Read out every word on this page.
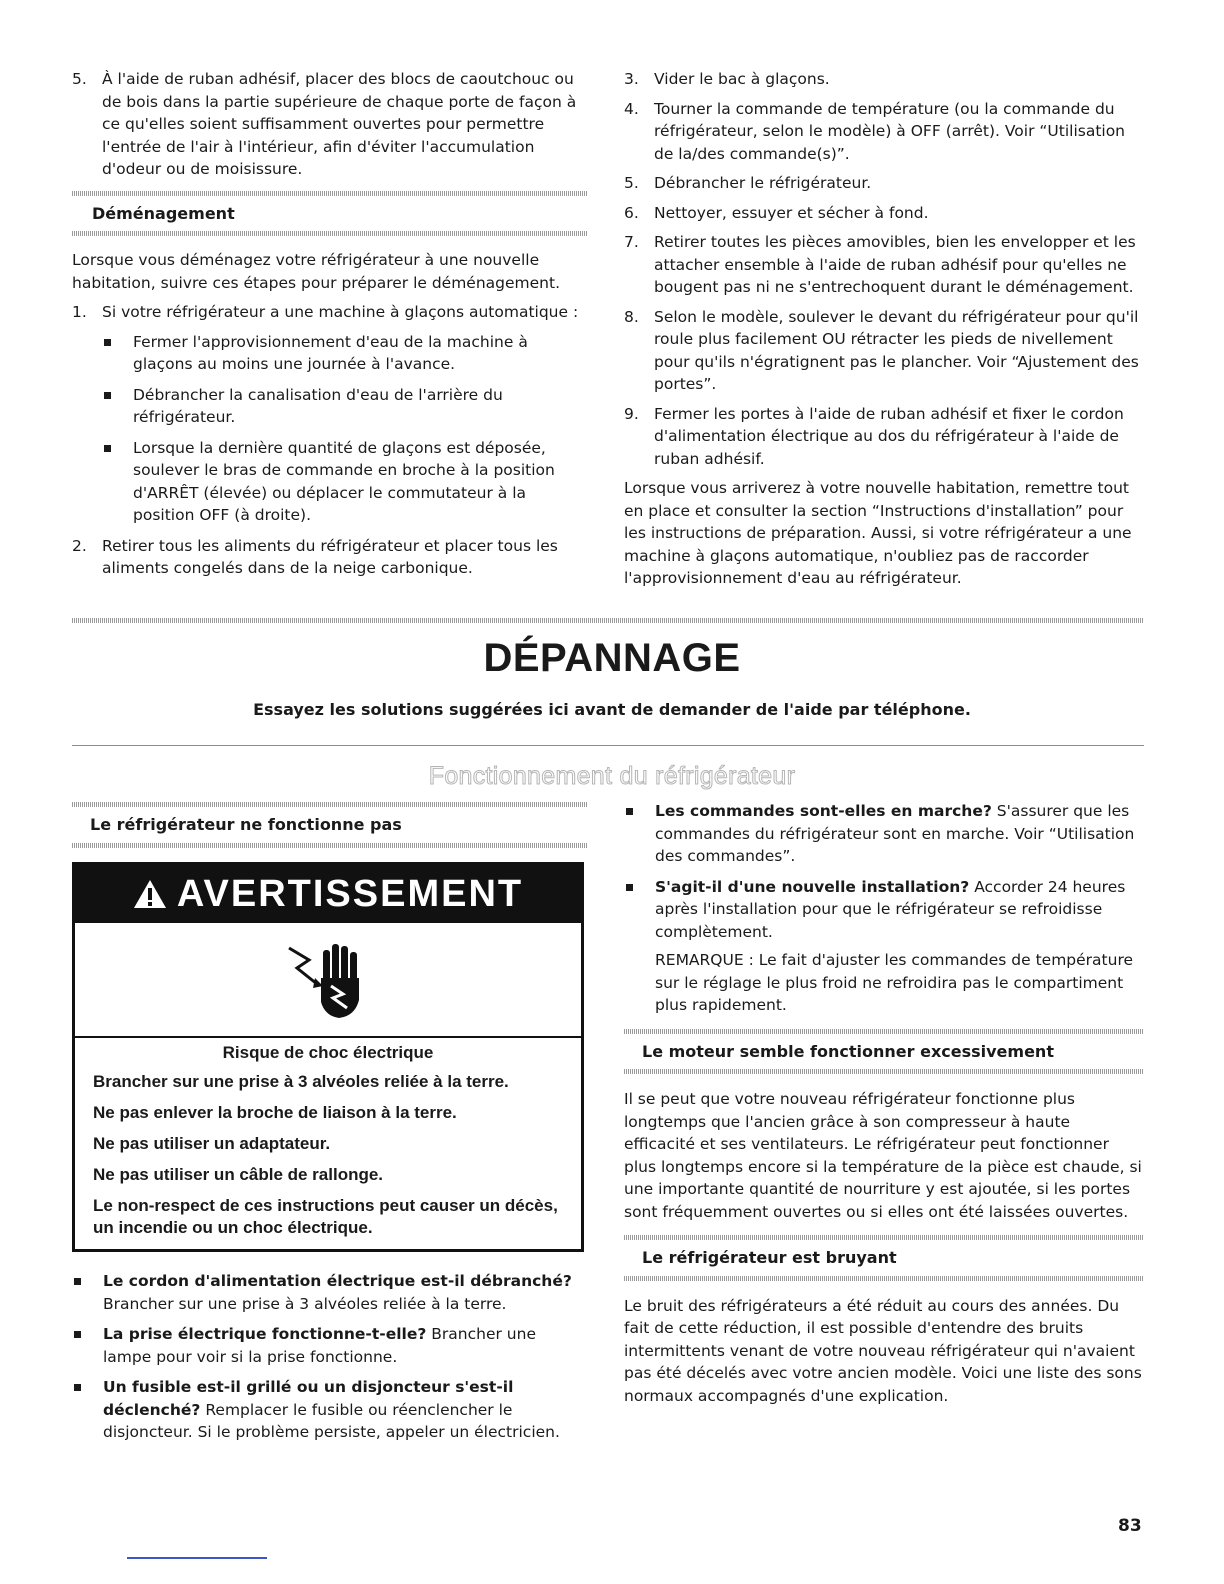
5. À l'aide de ruban adhésif, placer des blocs de caoutchouc ou de bois dans la partie supérieure de chaque porte de façon à ce qu'elles soient suffisamment ouvertes pour permettre l'entrée de l'air à l'intérieur, afin d'éviter l'accumulation d'odeur ou de moisissure.
Déménagement
Lorsque vous déménagez votre réfrigérateur à une nouvelle habitation, suivre ces étapes pour préparer le déménagement.
1. Si votre réfrigérateur a une machine à glaçons automatique :
Fermer l'approvisionnement d'eau de la machine à glaçons au moins une journée à l'avance.
Débrancher la canalisation d'eau de l'arrière du réfrigérateur.
Lorsque la dernière quantité de glaçons est déposée, soulever le bras de commande en broche à la position d'ARRÊT (élevée) ou déplacer le commutateur à la position OFF (à droite).
2. Retirer tous les aliments du réfrigérateur et placer tous les aliments congelés dans de la neige carbonique.
3. Vider le bac à glaçons.
4. Tourner la commande de température (ou la commande du réfrigérateur, selon le modèle) à OFF (arrêt). Voir “Utilisation de la/des commande(s)”.
5. Débrancher le réfrigérateur.
6. Nettoyer, essuyer et sécher à fond.
7. Retirer toutes les pièces amovibles, bien les envelopper et les attacher ensemble à l'aide de ruban adhésif pour qu'elles ne bougent pas ni ne s'entrechoquent durant le déménagement.
8. Selon le modèle, soulever le devant du réfrigérateur pour qu'il roule plus facilement OU rétracter les pieds de nivellement pour qu'ils n'égratignent pas le plancher. Voir “Ajustement des portes”.
9. Fermer les portes à l'aide de ruban adhésif et fixer le cordon d'alimentation électrique au dos du réfrigérateur à l'aide de ruban adhésif.
Lorsque vous arriverez à votre nouvelle habitation, remettre tout en place et consulter la section “Instructions d'installation” pour les instructions de préparation. Aussi, si votre réfrigérateur a une machine à glaçons automatique, n'oubliez pas de raccorder l'approvisionnement d'eau au réfrigérateur.
DÉPANNAGE
Essayez les solutions suggérées ici avant de demander de l'aide par téléphone.
Fonctionnement du réfrigérateur
Le réfrigérateur ne fonctionne pas
AVERTISSEMENT
Risque de choc électrique
Brancher sur une prise à 3 alvéoles reliée à la terre.
Ne pas enlever la broche de liaison à la terre.
Ne pas utiliser un adaptateur.
Ne pas utiliser un câble de rallonge.
Le non-respect de ces instructions peut causer un décès, un incendie ou un choc électrique.
Le cordon d'alimentation électrique est-il débranché? Brancher sur une prise à 3 alvéoles reliée à la terre.
La prise électrique fonctionne-t-elle? Brancher une lampe pour voir si la prise fonctionne.
Un fusible est-il grillé ou un disjoncteur s'est-il déclenché? Remplacer le fusible ou réenclencher le disjoncteur. Si le problème persiste, appeler un électricien.
Les commandes sont-elles en marche? S'assurer que les commandes du réfrigérateur sont en marche. Voir “Utilisation des commandes”.
S'agit-il d'une nouvelle installation? Accorder 24 heures après l'installation pour que le réfrigérateur se refroidisse complètement.
REMARQUE : Le fait d'ajuster les commandes de température sur le réglage le plus froid ne refroidira pas le compartiment plus rapidement.
Le moteur semble fonctionner excessivement
Il se peut que votre nouveau réfrigérateur fonctionne plus longtemps que l'ancien grâce à son compresseur à haute efficacité et ses ventilateurs. Le réfrigérateur peut fonctionner plus longtemps encore si la température de la pièce est chaude, si une importante quantité de nourriture y est ajoutée, si les portes sont fréquemment ouvertes ou si elles ont été laissées ouvertes.
Le réfrigérateur est bruyant
Le bruit des réfrigérateurs a été réduit au cours des années. Du fait de cette réduction, il est possible d'entendre des bruits intermittents venant de votre nouveau réfrigérateur qui n'avaient pas été décelés avec votre ancien modèle. Voici une liste des sons normaux accompagnés d'une explication.
83
